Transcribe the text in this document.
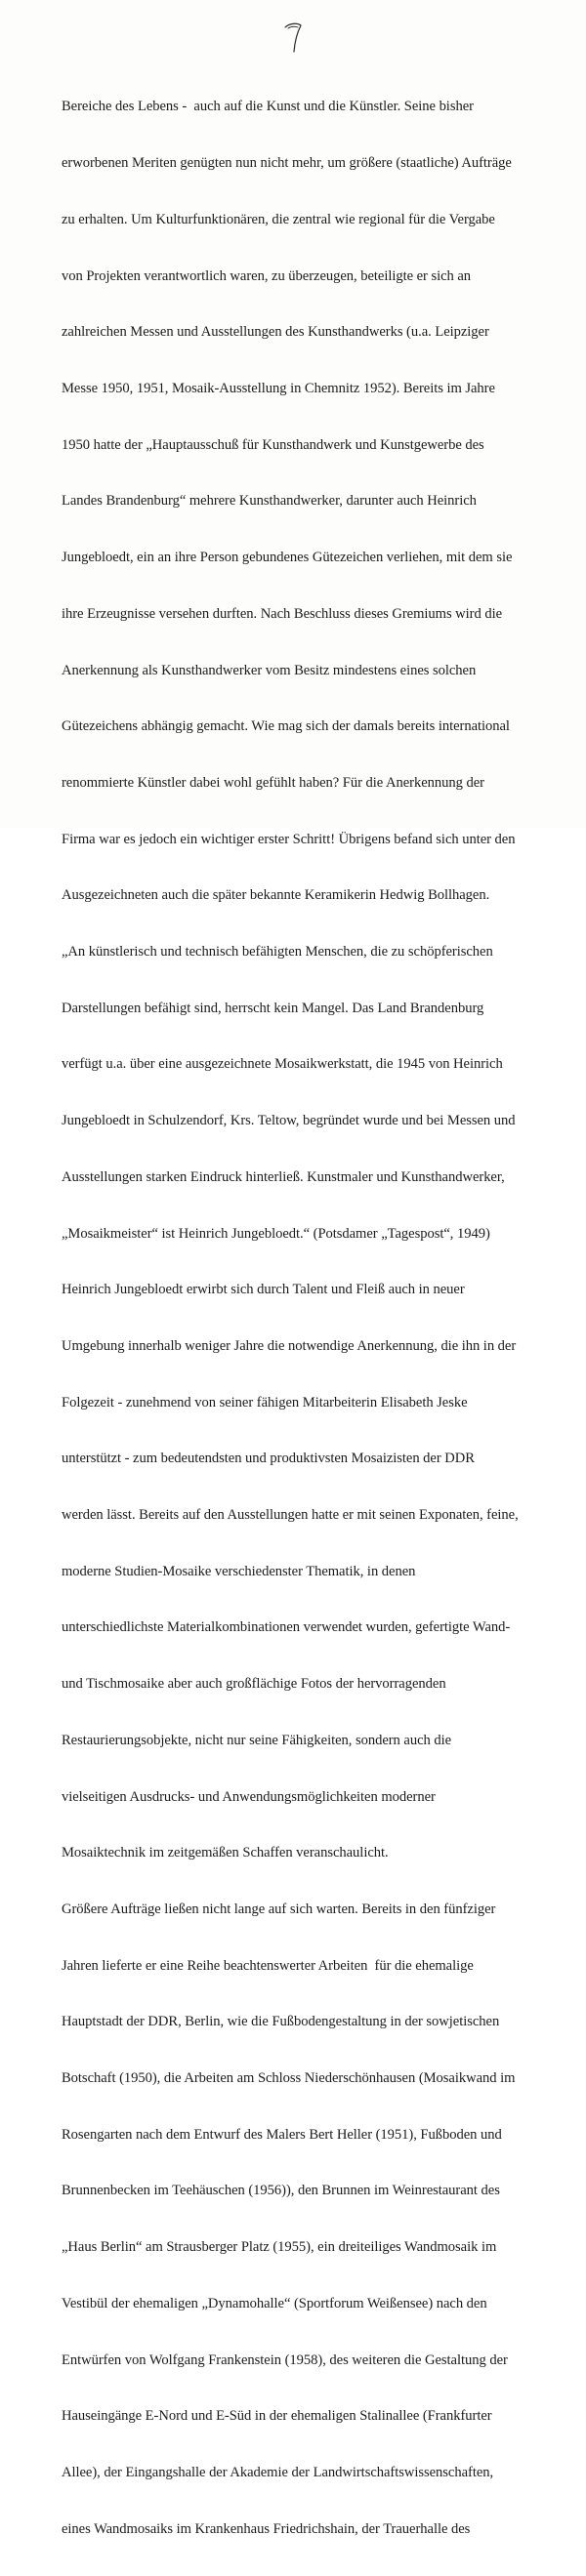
Bereiche des Lebens -  auch auf die Kunst und die Künstler. Seine bisher

erworbenen Meriten genügten nun nicht mehr, um größere (staatliche) Aufträge

zu erhalten. Um Kulturfunktionären, die zentral wie regional für die Vergabe

von Projekten verantwortlich waren, zu überzeugen, beteiligte er sich an

zahlreichen Messen und Ausstellungen des Kunsthandwerks (u.a. Leipziger

Messe 1950, 1951, Mosaik-Ausstellung in Chemnitz 1952). Bereits im Jahre

1950 hatte der „Hauptausschuß für Kunsthandwerk und Kunstgewerbe des

Landes Brandenburg“ mehrere Kunsthandwerker, darunter auch Heinrich

Jungebloedt, ein an ihre Person gebundenes Gütezeichen verliehen, mit dem sie

ihre Erzeugnisse versehen durften. Nach Beschluss dieses Gremiums wird die

Anerkennung als Kunsthandwerker vom Besitz mindestens eines solchen

Gütezeichens abhängig gemacht. Wie mag sich der damals bereits international

renommierte Künstler dabei wohl gefühlt haben? Für die Anerkennung der

Firma war es jedoch ein wichtiger erster Schritt! Übrigens befand sich unter den

Ausgezeichneten auch die später bekannte Keramikerin Hedwig Bollhagen.

„An künstlerisch und technisch befähigten Menschen, die zu schöpferischen

Darstellungen befähigt sind, herrscht kein Mangel. Das Land Brandenburg

verfügt u.a. über eine ausgezeichnete Mosaikwerkstatt, die 1945 von Heinrich

Jungebloedt in Schulzendorf, Krs. Teltow, begründet wurde und bei Messen und

Ausstellungen starken Eindruck hinterließ. Kunstmaler und Kunsthandwerker,

„Mosaikmeister“ ist Heinrich Jungebloedt.“ (Potsdamer „Tagespost“, 1949)

Heinrich Jungebloedt erwirbt sich durch Talent und Fleiß auch in neuer

Umgebung innerhalb weniger Jahre die notwendige Anerkennung, die ihn in der

Folgezeit - zunehmend von seiner fähigen Mitarbeiterin Elisabeth Jeske

unterstützt - zum bedeutendsten und produktivsten Mosaizisten der DDR

werden lässt. Bereits auf den Ausstellungen hatte er mit seinen Exponaten, feine,

moderne Studien-Mosaike verschiedenster Thematik, in denen

unterschiedlichste Materialkombinationen verwendet wurden, gefertigte Wand-

und Tischmosaike aber auch großflächige Fotos der hervorragenden

Restaurierungsobjekte, nicht nur seine Fähigkeiten, sondern auch die

vielseitigen Ausdrucks- und Anwendungsmöglichkeiten moderner

Mosaiktechnik im zeitgemäßen Schaffen veranschaulicht.

Größere Aufträge ließen nicht lange auf sich warten. Bereits in den fünfziger

Jahren lieferte er eine Reihe beachtenswerter Arbeiten  für die ehemalige

Hauptstadt der DDR, Berlin, wie die Fußbodengestaltung in der sowjetischen

Botschaft (1950), die Arbeiten am Schloss Niederschönhausen (Mosaikwand im

Rosengarten nach dem Entwurf des Malers Bert Heller (1951), Fußboden und

Brunnenbecken im Teehäuschen (1956)), den Brunnen im Weinrestaurant des

„Haus Berlin“ am Strausberger Platz (1955), ein dreiteiliges Wandmosaik im

Vestibül der ehemaligen „Dynamohalle“ (Sportforum Weißensee) nach den

Entwürfen von Wolfgang Frankenstein (1958), des weiteren die Gestaltung der

Hauseingänge E-Nord und E-Süd in der ehemaligen Stalinallee (Frankfurter

Allee), der Eingangshalle der Akademie der Landwirtschaftswissenschaften,

eines Wandmosaiks im Krankenhaus Friedrichshain, der Trauerhalle des
